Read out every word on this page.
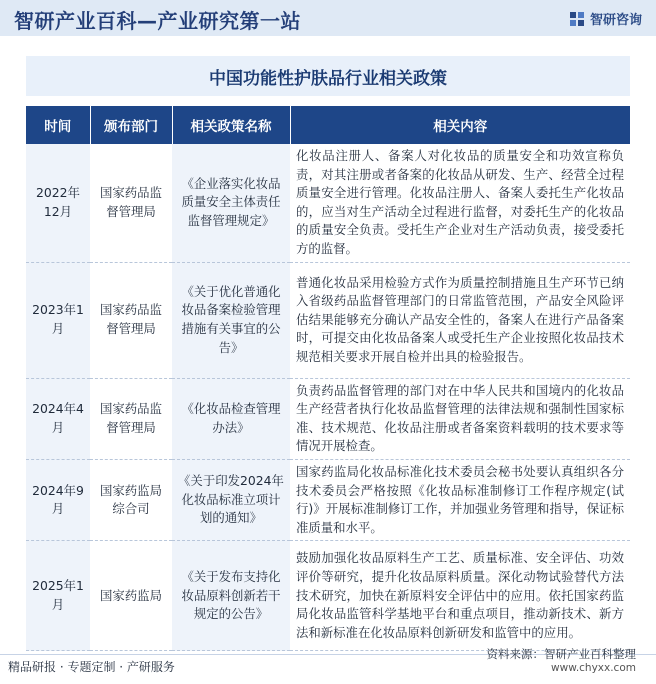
智研产业百科—产业研究第一站	智研咨询
中国功能性护肤品行业相关政策
时间	颁布部门	相关政策名称	相关内容
2022年12月	国家药品监督管理局	《企业落实化妆品质量安全主体责任监督管理规定》	化妆品注册人、备案人对化妆品的质量安全和功效宣称负责，对其注册或者备案的化妆品从研发、生产、经营全过程质量安全进行管理。化妆品注册人、备案人委托生产化妆品的，应当对生产活动全过程进行监督，对委托生产的化妆品的质量安全负责。受托生产企业对生产活动负责，接受委托方的监督。
2023年1月	国家药品监督管理局	《关于优化普通化妆品备案检验管理措施有关事宜的公告》	普通化妆品采用检验方式作为质量控制措施且生产环节已纳入省级药品监督管理部门的日常监管范围，产品安全风险评估结果能够充分确认产品安全性的，备案人在进行产品备案时，可提交由化妆品备案人或受托生产企业按照化妆品技术规范相关要求开展自检并出具的检验报告。
2024年4月	国家药品监督管理局	《化妆品检查管理办法》	负责药品监督管理的部门对在中华人民共和国境内的化妆品生产经营者执行化妆品监督管理的法律法规和强制性国家标准、技术规范、化妆品注册或者备案资料载明的技术要求等情况开展检查。
2024年9月	国家药监局综合司	《关于印发2024年化妆品标准立项计划的通知》	国家药监局化妆品标准化技术委员会秘书处要认真组织各分技术委员会严格按照《化妆品标准制修订工作程序规定(试行)》开展标准制修订工作，并加强业务管理和指导，保证标准质量和水平。
2025年1月	国家药监局	《关于发布支持化妆品原料创新若干规定的公告》	鼓励加强化妆品原料生产工艺、质量标准、安全评估、功效评价等研究，提升化妆品原料质量。深化动物试验替代方法技术研究，加快在新原料安全评估中的应用。依托国家药监局化妆品监管科学基地平台和重点项目，推动新技术、新方法和新标准在化妆品原料创新研发和监管中的应用。
精品研报 · 专题定制 · 产研服务
资料来源：智研产业百科整理
www.chyxx.com
